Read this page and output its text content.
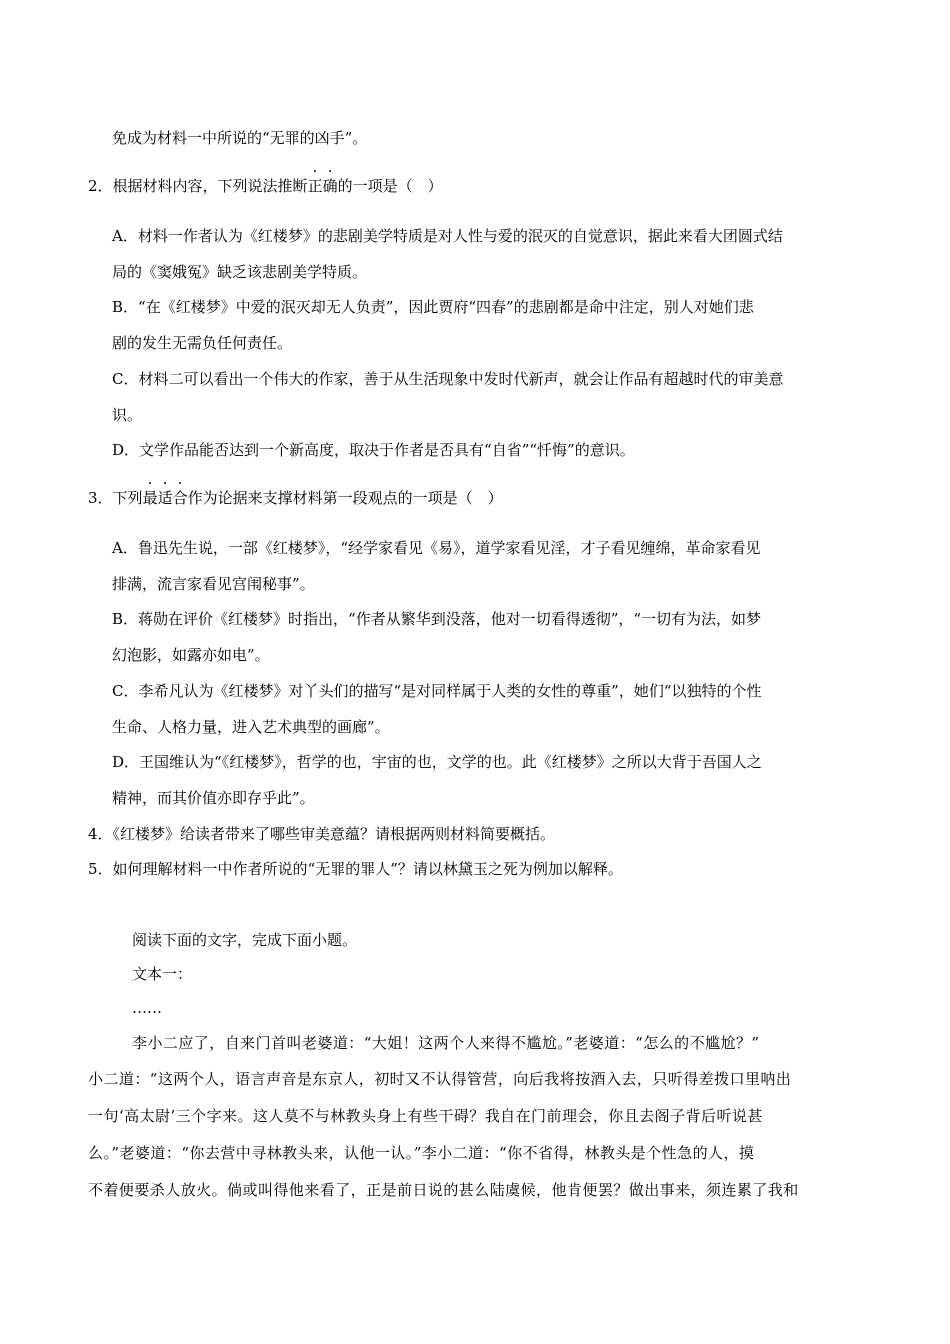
免成为材料一中所说的“无罪的凶手”。
2．根据材料内容，下列说法推断正确的一项是（　）
A．材料一作者认为《红楼梦》的悲剧美学特质是对人性与爱的泯灭的自觉意识，据此来看大团圆式结
局的《窦娥冤》缺乏该悲剧美学特质。
B．“在《红楼梦》中爱的泯灭却无人负责”，因此贾府“四春”的悲剧都是命中注定，别人对她们悲
剧的发生无需负任何责任。
C．材料二可以看出一个伟大的作家，善于从生活现象中发时代新声，就会让作品有超越时代的审美意
识。
D．文学作品能否达到一个新高度，取决于作者是否具有“自省”“忏悔”的意识。
3．下列最适合作为论据来支撑材料第一段观点的一项是（　）
A．鲁迅先生说，一部《红楼梦》，“经学家看见《易》，道学家看见淫，才子看见缠绵，革命家看见
排满，流言家看见宫闱秘事”。
B．蒋勋在评价《红楼梦》时指出，“作者从繁华到没落，他对一切看得透彻”，“一切有为法，如梦
幻泡影，如露亦如电”。
C．李希凡认为《红楼梦》对丫头们的描写“是对同样属于人类的女性的尊重”，她们“以独特的个性
生命、人格力量，进入艺术典型的画廊”。
D．王国维认为“《红楼梦》，哲学的也，宇宙的也，文学的也。此《红楼梦》之所以大背于吾国人之
精神，而其价值亦即存乎此”。
4．《红楼梦》给读者带来了哪些审美意蕴？请根据两则材料简要概括。
5．如何理解材料一中作者所说的“无罪的罪人”？请以林黛玉之死为例加以解释。
阅读下面的文字，完成下面小题。
文本一：
……
李小二应了，自来门首叫老婆道：“大姐！这两个人来得不尴尬。”老婆道：“怎么的不尴尬？”
小二道：“这两个人，语言声音是东京人，初时又不认得管营，向后我将按酒入去，只听得差拨口里呐出
一句‘高太尉’三个字来。这人莫不与林教头身上有些干碍？我自在门前理会，你且去阁子背后听说甚
么。”老婆道：“你去营中寻林教头来，认他一认。”李小二道：“你不省得，林教头是个性急的人，摸
不着便要杀人放火。倘或叫得他来看了，正是前日说的甚么陆虞候，他肯便罢？做出事来，须连累了我和
